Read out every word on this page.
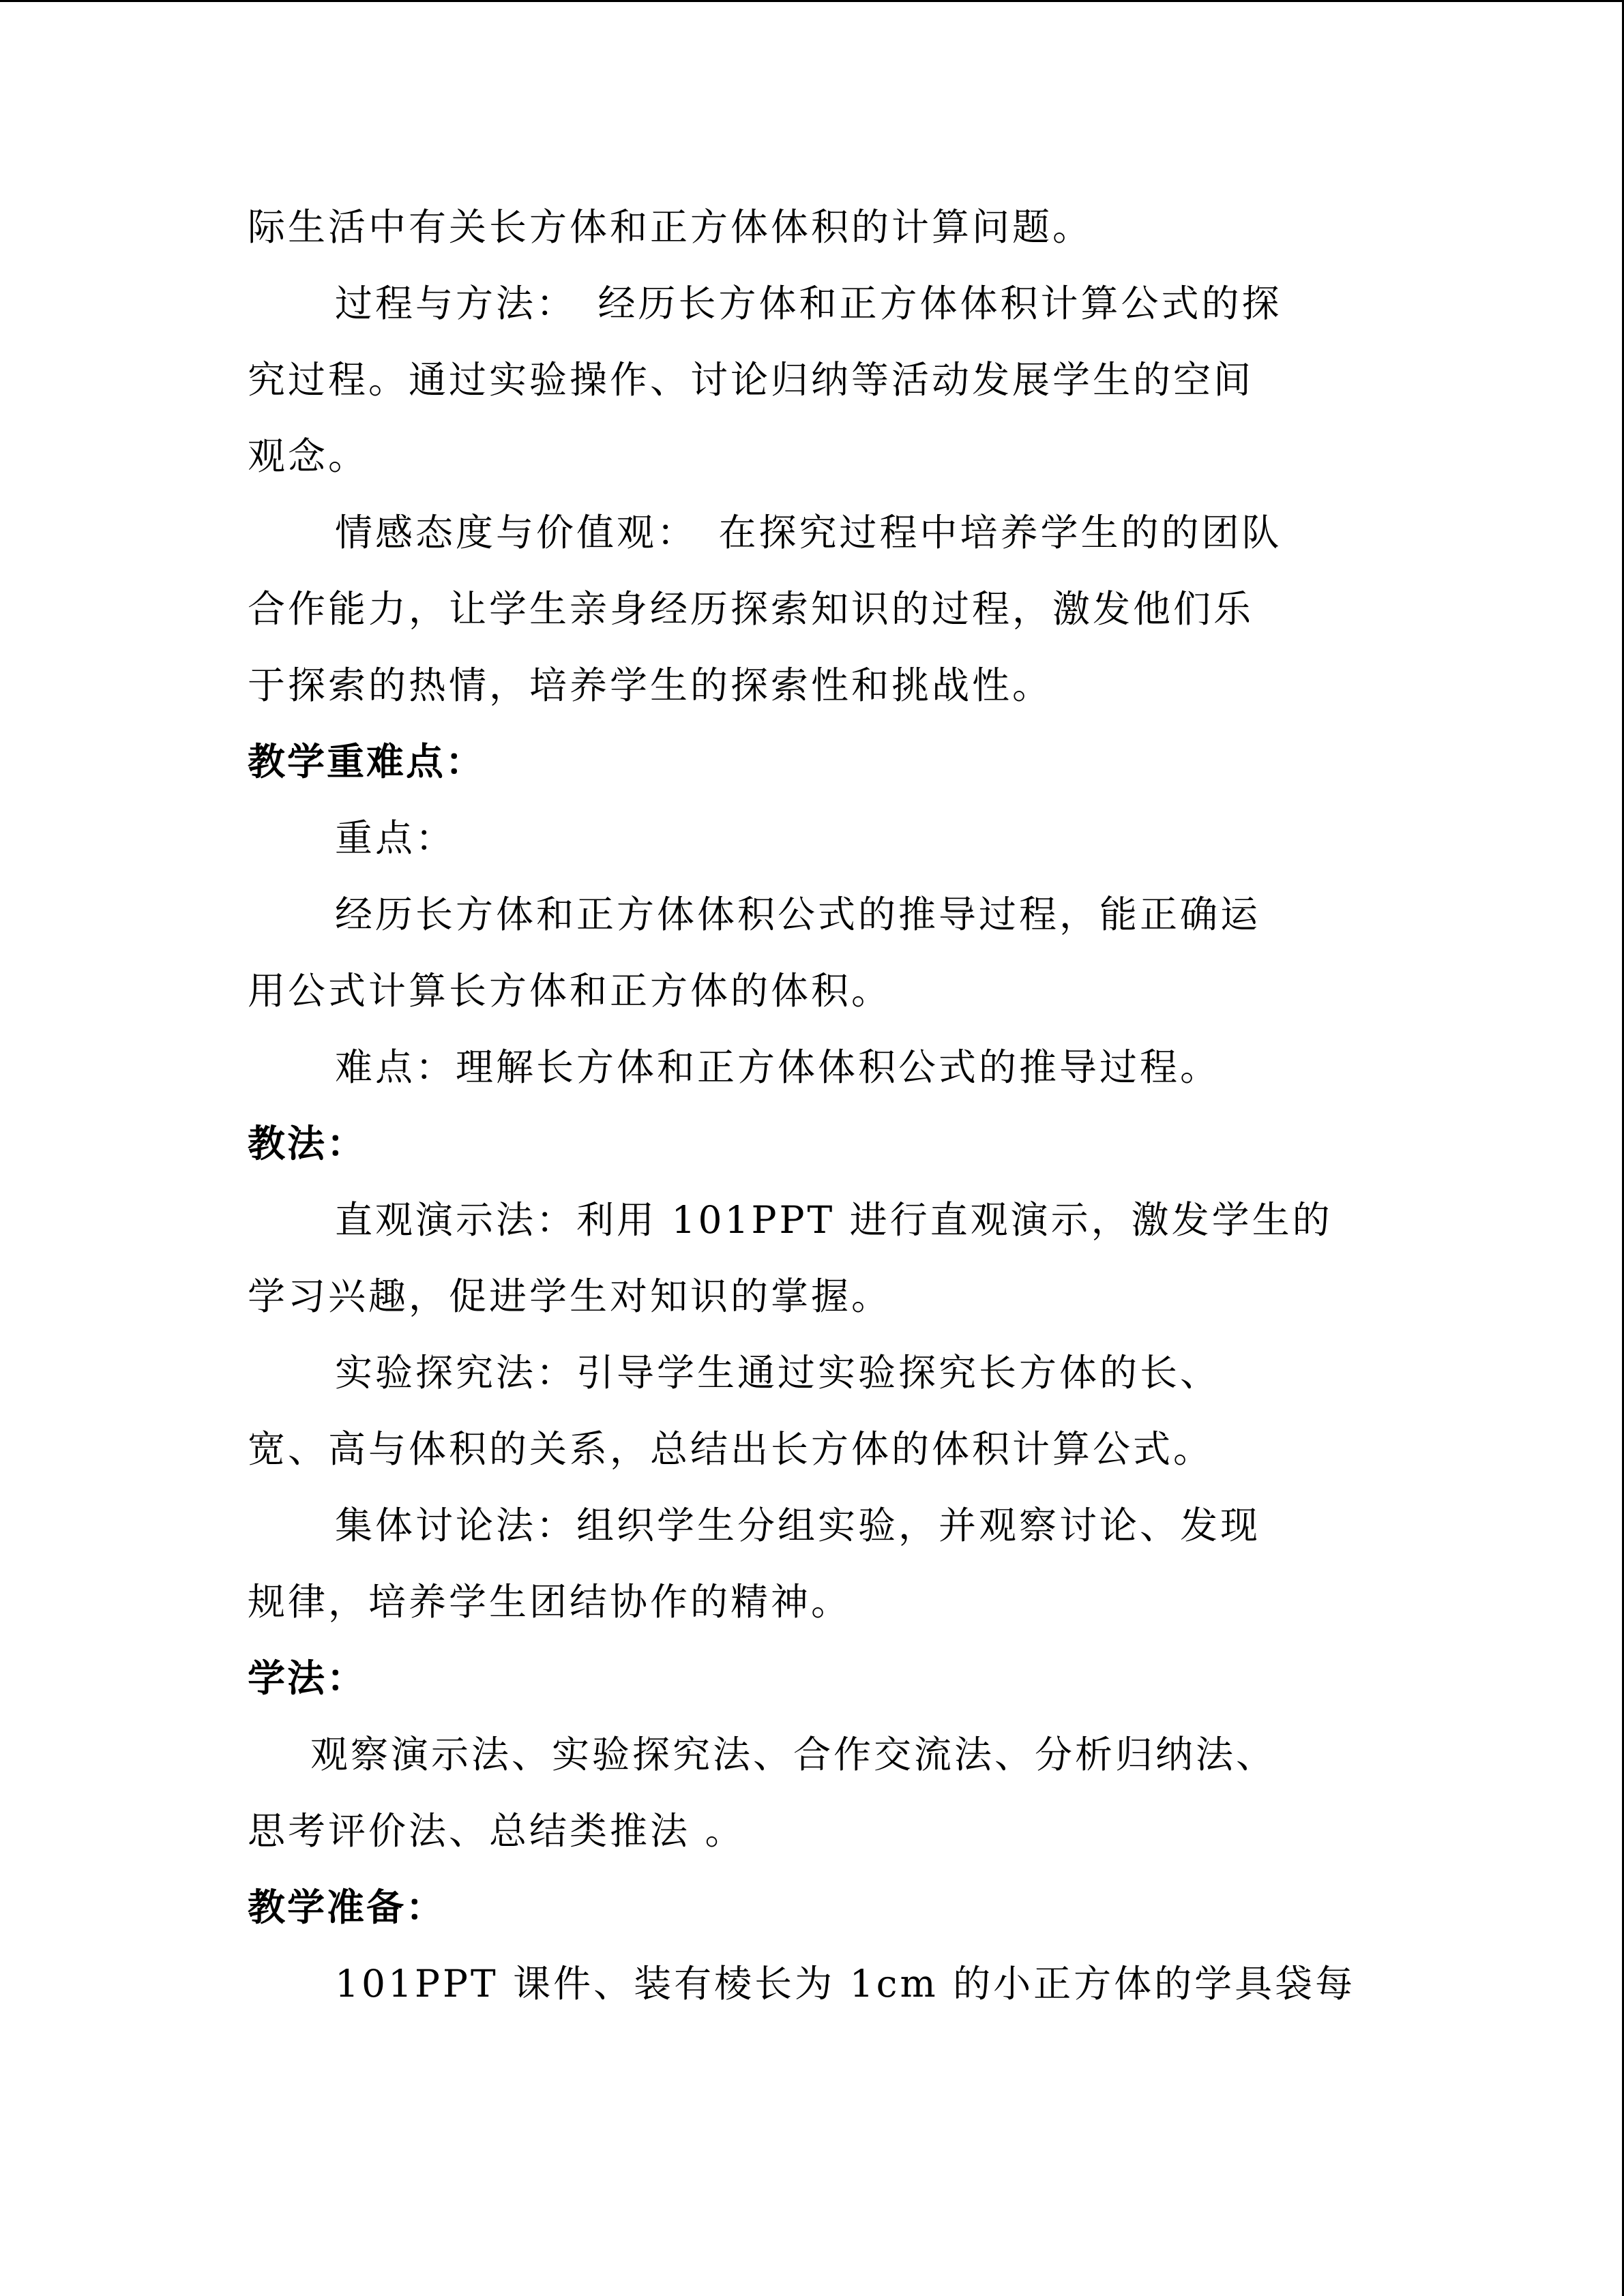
际生活中有关长方体和正方体体积的计算问题。
过程与方法：　经历长方体和正方体体积计算公式的探
究过程。通过实验操作、讨论归纳等活动发展学生的空间
观念。
情感态度与价值观：　在探究过程中培养学生的的团队
合作能力，让学生亲身经历探索知识的过程，激发他们乐
于探索的热情，培养学生的探索性和挑战性。
教学重难点：
重点：
经历长方体和正方体体积公式的推导过程，能正确运
用公式计算长方体和正方体的体积。
难点：理解长方体和正方体体积公式的推导过程。
教法：
直观演示法：利用 101PPT 进行直观演示，激发学生的
学习兴趣，促进学生对知识的掌握。
实验探究法：引导学生通过实验探究长方体的长、
宽、高与体积的关系，总结出长方体的体积计算公式。
集体讨论法：组织学生分组实验，并观察讨论、发现
规律，培养学生团结协作的精神。
学法：
观察演示法、实验探究法、合作交流法、分析归纳法、
思考评价法、总结类推法 。
教学准备：
101PPT 课件、装有棱长为 1cm 的小正方体的学具袋每
